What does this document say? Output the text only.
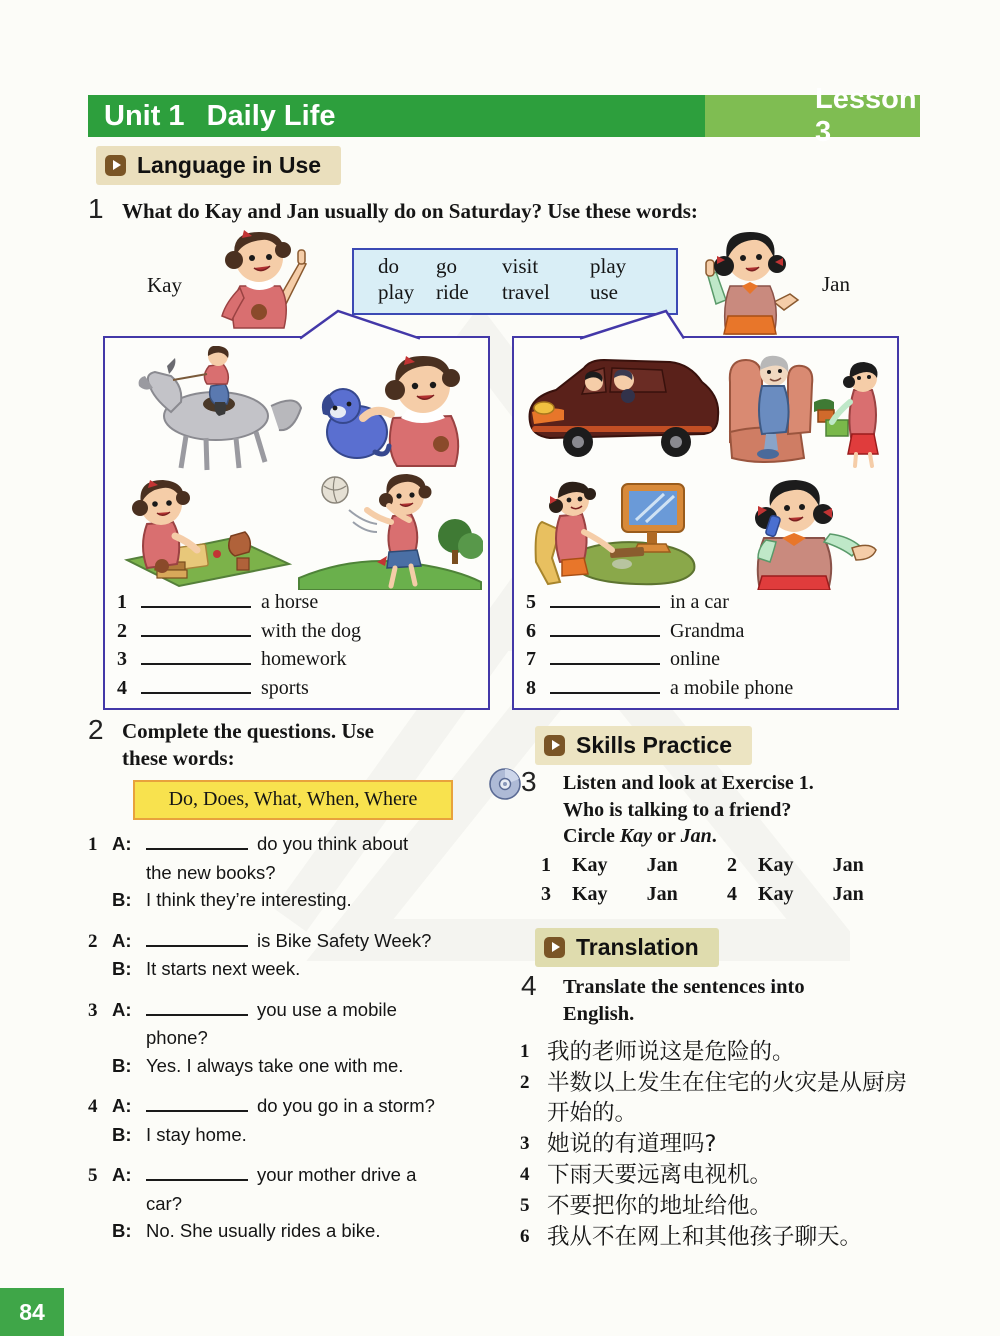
Unit 1 Daily Life
Lesson 3
Language in Use
1 What do Kay and Jan usually do on Saturday? Use these words:
Kay
do	go	visit	play
play	ride	travel	use	Jan
1	a horse
2	with the dog
3	homework
4	sports
5	in a car
6	Grandma
7	online
8	a mobile phone
2 Complete the questions. Use
these words:
Do, Does, What, When, Where
1 A:	do you think about
the new books?
B: I think they’re interesting.
2 A:	is Bike Safety Week?
B: It starts next week.
3 A:	you use a mobile
phone?
B: Yes. I always take one with me.
4 A:	do you go in a storm?
B: I stay home.
5 A:	your mother drive a
car?
B: No. She usually rides a bike.
Skills Practice
3 Listen and look at Exercise 1.
Who is talking to a friend?
Circle Kay or Jan.
1 Kay Jan	2 Kay Jan
3 Kay Jan	4 Kay Jan
Translation
4 Translate the sentences into
English.
1 我的老师说这是危险的。
2 半数以上发生在住宅的火灾是从厨房开始的。
3 她说的有道理吗?
4 下雨天要远离电视机。
5 不要把你的地址给他。
6 我从不在网上和其他孩子聊天。
84
